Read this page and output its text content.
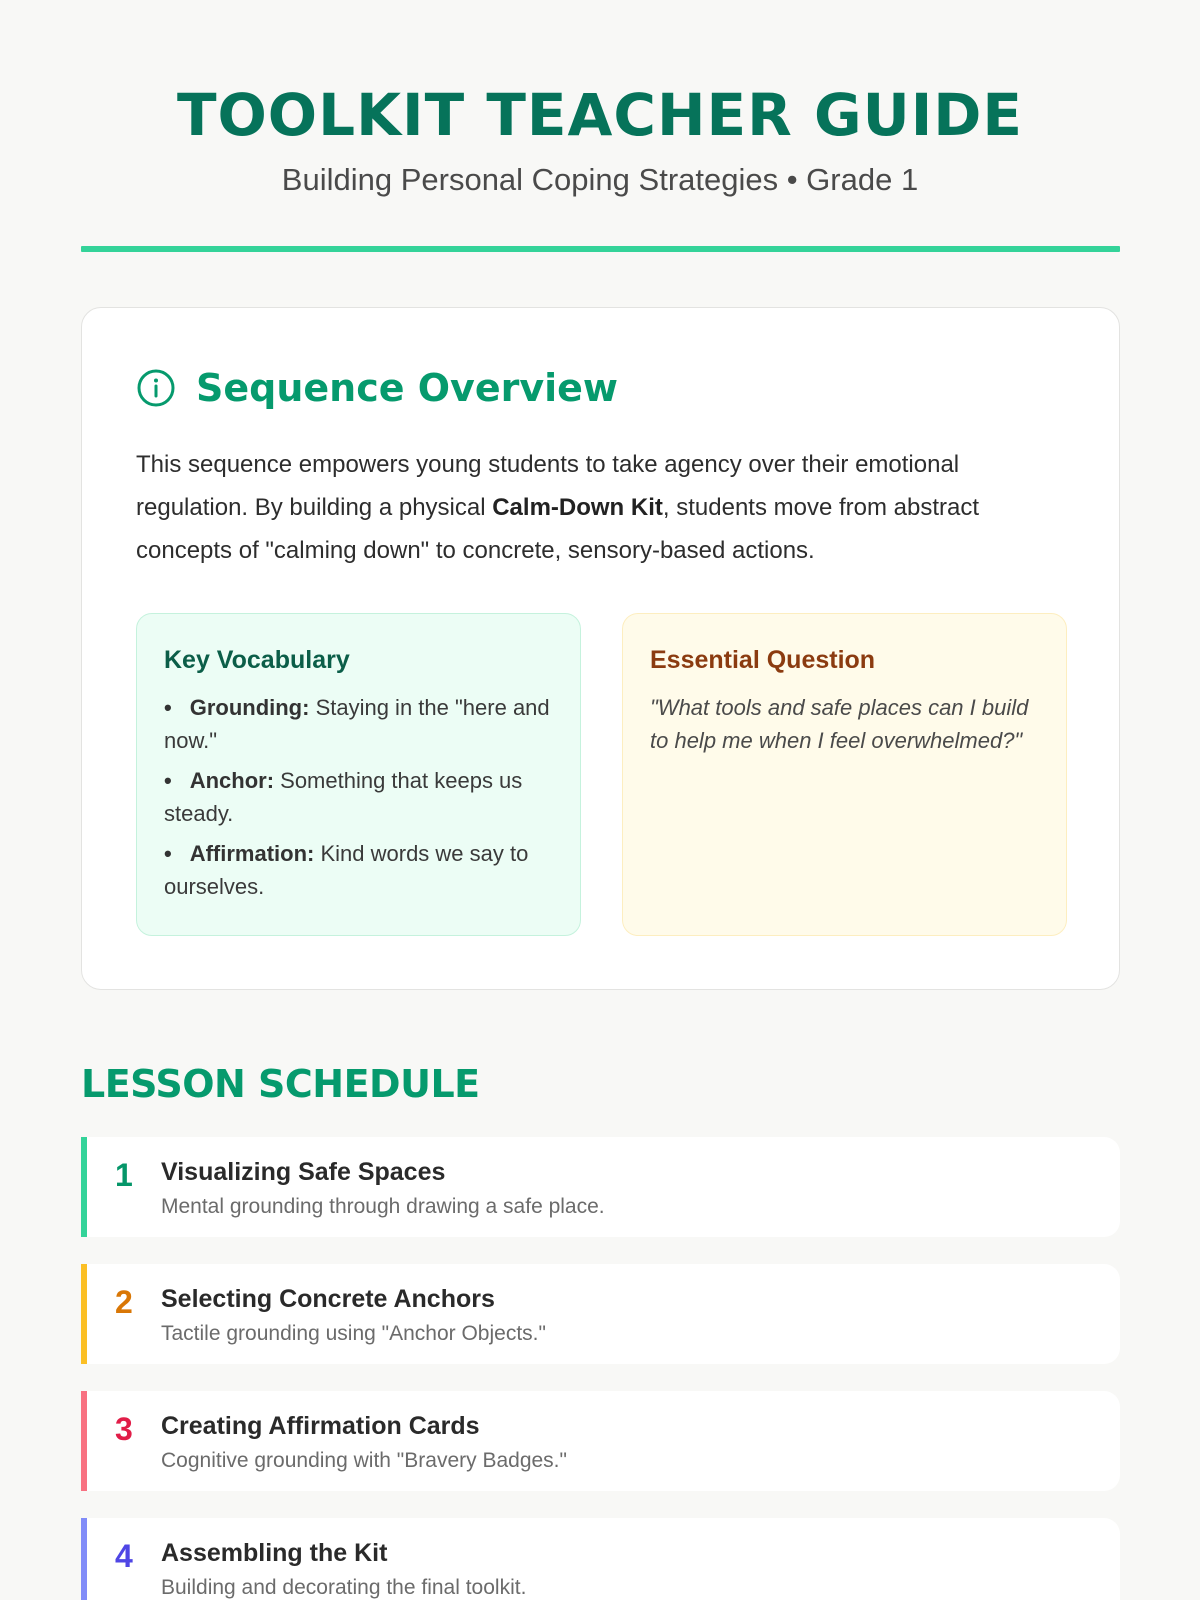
TOOLKIT TEACHER GUIDE
Building Personal Coping Strategies • Grade 1
Sequence Overview

This sequence empowers young students to take agency over their emotional regulation. By building a physical Calm-Down Kit, students move from abstract concepts of "calming down" to concrete, sensory-based actions.

Key Vocabulary
• Grounding: Staying in the "here and now."
• Anchor: Something that keeps us steady.
• Affirmation: Kind words we say to ourselves.
Essential Question
"What tools and safe places can I build to help me when I feel overwhelmed?"
LESSON SCHEDULE
1 Visualizing Safe Spaces
Mental grounding through drawing a safe place.
2 Selecting Concrete Anchors
Tactile grounding using "Anchor Objects."
3 Creating Affirmation Cards
Cognitive grounding with "Bravery Badges."
4 Assembling the Kit
Building and decorating the final toolkit.
